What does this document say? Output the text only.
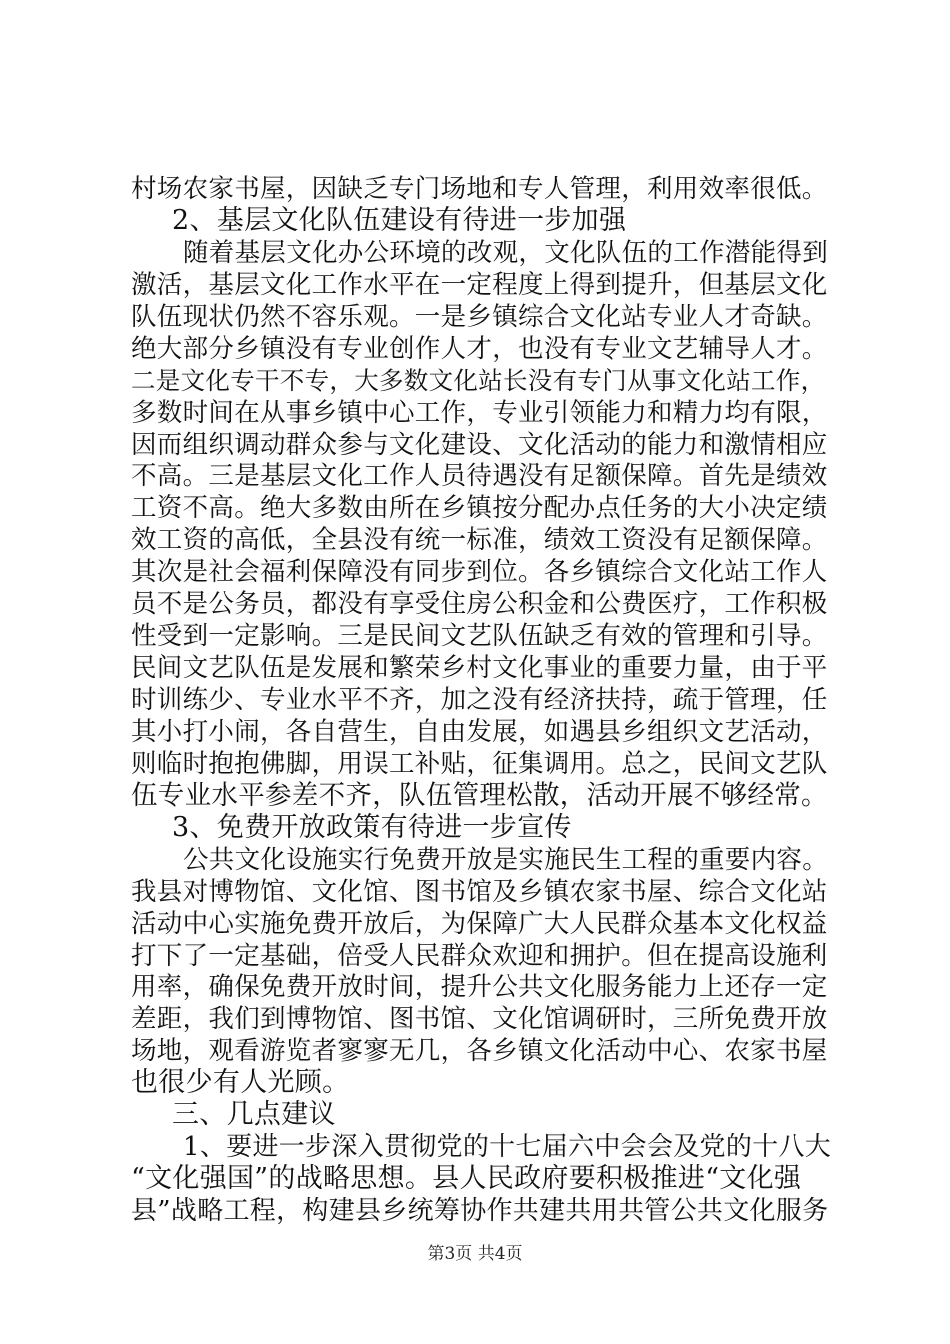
村场农家书屋，因缺乏专门场地和专人管理，利用效率很低。
2、基层文化队伍建设有待进一步加强
随着基层文化办公环境的改观，文化队伍的工作潜能得到
激活，基层文化工作水平在一定程度上得到提升，但基层文化
队伍现状仍然不容乐观。一是乡镇综合文化站专业人才奇缺。
绝大部分乡镇没有专业创作人才，也没有专业文艺辅导人才。
二是文化专干不专，大多数文化站长没有专门从事文化站工作，
多数时间在从事乡镇中心工作，专业引领能力和精力均有限，
因而组织调动群众参与文化建设、文化活动的能力和激情相应
不高。三是基层文化工作人员待遇没有足额保障。首先是绩效
工资不高。绝大多数由所在乡镇按分配办点任务的大小决定绩
效工资的高低，全县没有统一标准，绩效工资没有足额保障。
其次是社会福利保障没有同步到位。各乡镇综合文化站工作人
员不是公务员，都没有享受住房公积金和公费医疗，工作积极
性受到一定影响。三是民间文艺队伍缺乏有效的管理和引导。
民间文艺队伍是发展和繁荣乡村文化事业的重要力量，由于平
时训练少、专业水平不齐，加之没有经济扶持，疏于管理，任
其小打小闹，各自营生，自由发展，如遇县乡组织文艺活动，
则临时抱抱佛脚，用误工补贴，征集调用。总之，民间文艺队
伍专业水平参差不齐，队伍管理松散，活动开展不够经常。
3、免费开放政策有待进一步宣传
公共文化设施实行免费开放是实施民生工程的重要内容。
我县对博物馆、文化馆、图书馆及乡镇农家书屋、综合文化站
活动中心实施免费开放后，为保障广大人民群众基本文化权益
打下了一定基础，倍受人民群众欢迎和拥护。但在提高设施利
用率，确保免费开放时间，提升公共文化服务能力上还存一定
差距，我们到博物馆、图书馆、文化馆调研时，三所免费开放
场地，观看游览者寥寥无几，各乡镇文化活动中心、农家书屋
也很少有人光顾。
三、几点建议
1、要进一步深入贯彻党的十七届六中会会及党的十八大
“文化强国”的战略思想。县人民政府要积极推进“文化强
县”战略工程，构建县乡统筹协作共建共用共管公共文化服务
第3页 共4页
